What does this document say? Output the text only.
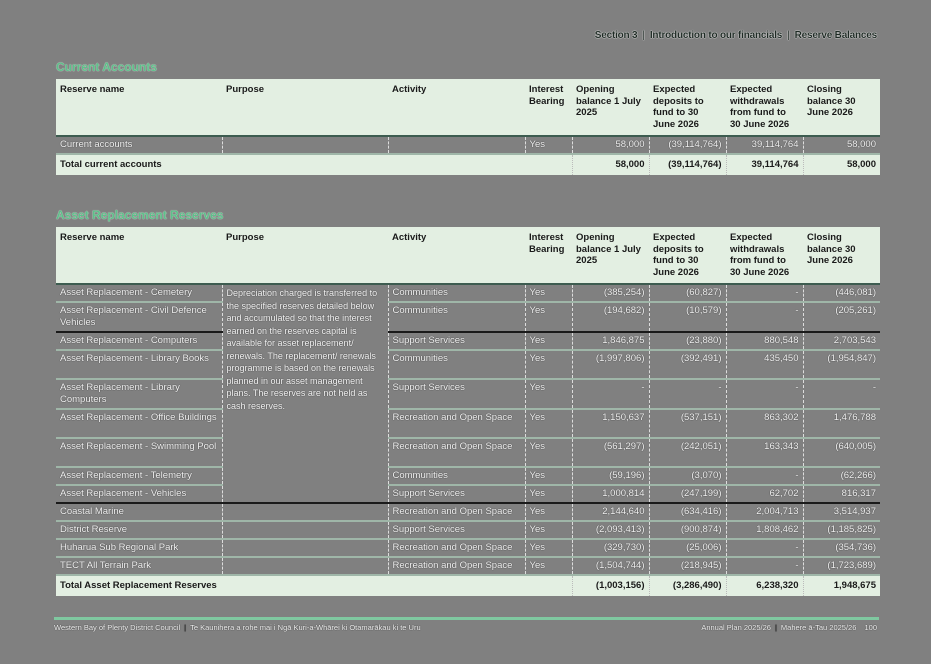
Section 3 | Introduction to our financials | Reserve Balances
Current Accounts
Reserve name	Purpose	Activity	Interest Bearing	Opening balance 1 July 2025	Expected deposits to fund to 30 June 2026	Expected withdrawals from fund to 30 June 2026	Closing balance 30 June 2026
Current accounts			Yes	58,000	(39,114,764)	39,114,764	58,000
Total current accounts				58,000	(39,114,764)	39,114,764	58,000
Asset Replacement Reserves
Reserve name	Purpose	Activity	Interest Bearing	Opening balance 1 July 2025	Expected deposits to fund to 30 June 2026	Expected withdrawals from fund to 30 June 2026	Closing balance 30 June 2026
Asset Replacement - Cemetery	Depreciation charged is transferred to the specified reserves detailed below and accumulated so that the interest earned on the reserves capital is available for asset replacement/ renewals. The replacement/ renewals programme is based on the renewals planned in our asset management plans. The reserves are not held as cash reserves.	Communities	Yes	(385,254)	(60,827)	-	(446,081)
Asset Replacement - Civil Defence Vehicles		Communities	Yes	(194,682)	(10,579)	-	(205,261)
Asset Replacement - Computers		Support Services	Yes	1,846,875	(23,880)	880,548	2,703,543
Asset Replacement - Library Books		Communities	Yes	(1,997,806)	(392,491)	435,450	(1,954,847)
Asset Replacement - Library Computers		Support Services	Yes	-	-	-	-
Asset Replacement - Office Buildings		Recreation and Open Space	Yes	1,150,637	(537,151)	863,302	1,476,788
Asset Replacement - Swimming Pool		Recreation and Open Space	Yes	(561,297)	(242,051)	163,343	(640,005)
Asset Replacement - Telemetry		Communities	Yes	(59,196)	(3,070)	-	(62,266)
Asset Replacement - Vehicles		Support Services	Yes	1,000,814	(247,199)	62,702	816,317
Coastal Marine		Recreation and Open Space	Yes	2,144,640	(634,416)	2,004,713	3,514,937
District Reserve		Support Services	Yes	(2,093,413)	(900,874)	1,808,462	(1,185,825)
Huharua Sub Regional Park		Recreation and Open Space	Yes	(329,730)	(25,006)	-	(354,736)
TECT All Terrain Park		Recreation and Open Space	Yes	(1,504,744)	(218,945)	-	(1,723,689)
Total Asset Replacement Reserves				(1,003,156)	(3,286,490)	6,238,320	1,948,675
Western Bay of Plenty District Council | Te Kaunihera a rohe mai i Ngā Kuri-a-Whārei ki Otamarākau ki te Uru	Annual Plan 2025/26 | Mahere ā-Tau 2025/26 100
